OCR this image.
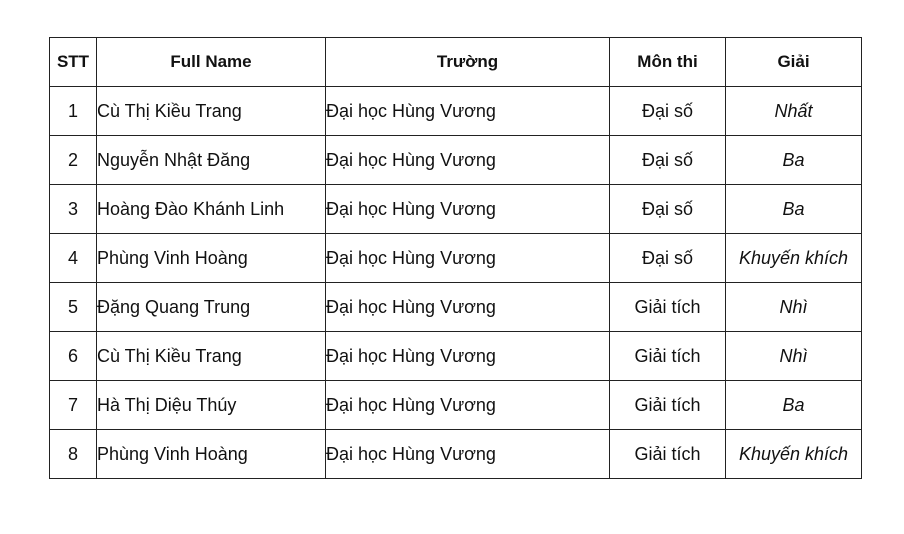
STT	Full Name	Trường	Môn thi	Giải
1	Cù Thị Kiều Trang	Đại học Hùng Vương	Đại số	Nhất
2	Nguyễn Nhật Đăng	Đại học Hùng Vương	Đại số	Ba
3	Hoàng Đào Khánh Linh	Đại học Hùng Vương	Đại số	Ba
4	Phùng Vinh Hoàng	Đại học Hùng Vương	Đại số	Khuyến khích
5	Đặng Quang Trung	Đại học Hùng Vương	Giải tích	Nhì
6	Cù Thị Kiều Trang	Đại học Hùng Vương	Giải tích	Nhì
7	Hà Thị Diệu Thúy	Đại học Hùng Vương	Giải tích	Ba
8	Phùng Vinh Hoàng	Đại học Hùng Vương	Giải tích	Khuyến khích
